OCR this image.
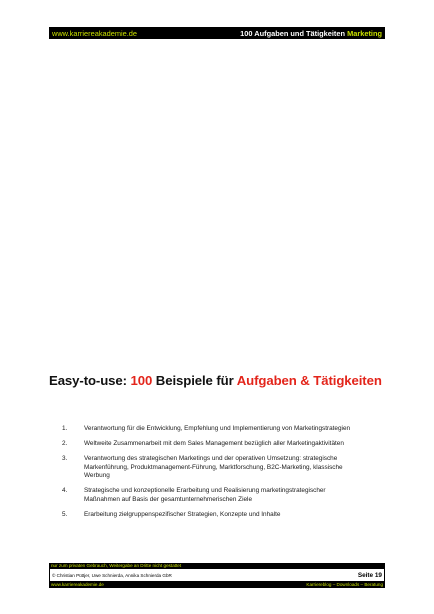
www.karriereakademie.de	100 Aufgaben und Tätigkeiten Marketing
Easy-to-use: 100 Beispiele für Aufgaben & Tätigkeiten
1.	Verantwortung für die Entwicklung, Empfehlung und Implementierung von Marketingstrategien
2.	Weltweite Zusammenarbeit mit dem Sales Management bezüglich aller Marketingaktivitäten
3.	Verantwortung des strategischen Marketings und der operativen Umsetzung: strategische Markenführung, Produktmanagement-Führung, Marktforschung, B2C-Marketing, klassische Werbung
4.	Strategische und konzeptionelle Erarbeitung und Realisierung marketingstrategischer Maßnahmen auf Basis der gesamtunternehmerischen Ziele
5.	Erarbeitung zielgruppenspezifischer Strategien, Konzepte und Inhalte
nur zum privaten Gebrauch, Weitergabe an Dritte nicht gestattet
© Christian Püttjer, Uwe Schnierda, Annika Schnierda GbR	Seite 19
www.karriereakademie.de	Karriereblog – Downloads – Beratung
